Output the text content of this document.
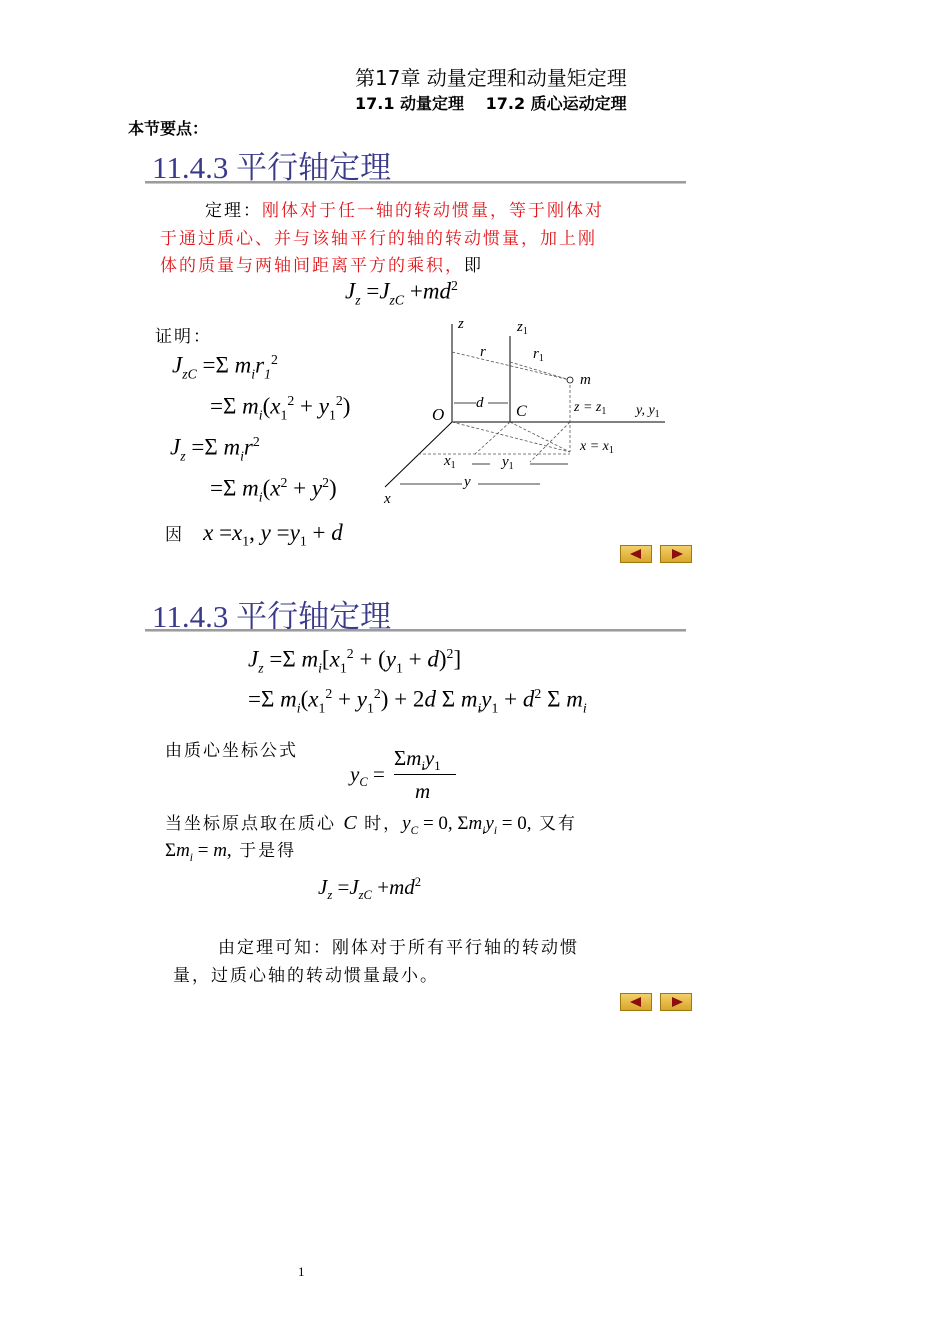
第17章 动量定理和动量矩定理
17.1 动量定理　 17.2 质心运动定理
本节要点：
11.4.3 平行轴定理
定理：刚体对于任一轴的转动惯量，等于刚体对
于通过质心、并与该轴平行的轴的转动惯量，加上刚
体的质量与两轴间距离平方的乘积，即
$J_z =J_{zC} +md^2$
证明：
$J_{zC} =\Sigma$ $m_ir_1^2$
=Σ $m_i(x_1^2 + y_1^2)$
$J_z =\Sigma$ $m_ir^2$
=Σ $m_i(x^2 + y^2)$
因 $x =x_1$, $y =y_1 + d$
z	$z_1$
r	$r_1$
m
O
d C	$z = z_1$ y, $y_1$
$x = x_1$
$x_1$	$y_1$
y
x
11.4.3 平行轴定理
$J_z =\Sigma$ $m_i[x_1^2 + (y_1 + d)^2]$
=Σ $m_i(x_1^2 + y_1^2) + 2d$ Σ $m_iy_1 + d^2$ Σ $m_i$
由质心坐标公式
$y_C$ =
$\Sigma m_iy_1$
m
当坐标原点取在质心 C 时，$y_C = 0$, $\Sigma m_iy_i = 0$, 又有
$\Sigma m_i = m$, 于是得
$J_z =J_{zC} +md^2$
由定理可知：刚体对于所有平行轴的转动惯
量，过质心轴的转动惯量最小。
1
